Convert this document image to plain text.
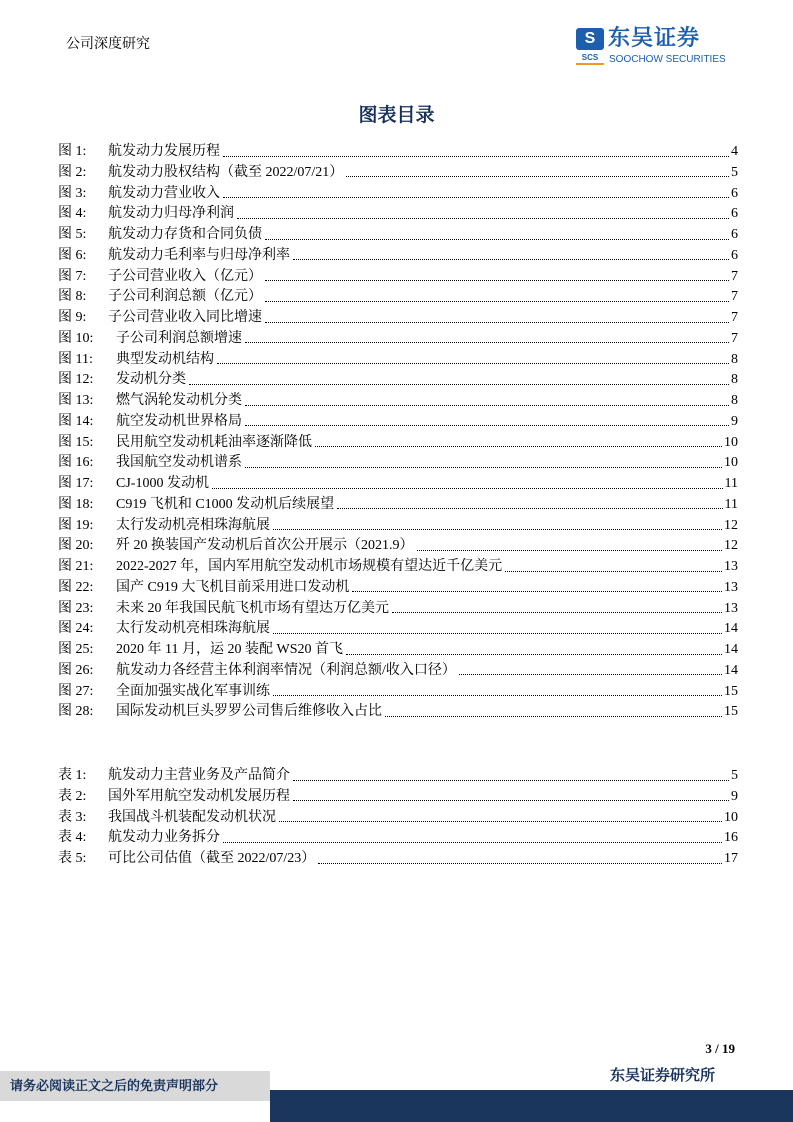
公司深度研究	S
SCS
东吴证券
SOOCHOW SECURITIES
图表目录
图 1:	航发动力发展历程	4
图 2:	航发动力股权结构（截至 2022/07/21）	5
图 3:	航发动力营业收入	6
图 4:	航发动力归母净利润	6
图 5:	航发动力存货和合同负债	6
图 6:	航发动力毛利率与归母净利率	6
图 7:	子公司营业收入（亿元）	7
图 8:	子公司利润总额（亿元）	7
图 9:	子公司营业收入同比增速	7
图 10:	子公司利润总额增速	7
图 11:	典型发动机结构	8
图 12:	发动机分类	8
图 13:	燃气涡轮发动机分类	8
图 14:	航空发动机世界格局	9
图 15:	民用航空发动机耗油率逐渐降低	10
图 16:	我国航空发动机谱系	10
图 17:	CJ-1000 发动机	11
图 18:	C919 飞机和 C1000 发动机后续展望	11
图 19:	太行发动机亮相珠海航展	12
图 20:	歼 20 换装国产发动机后首次公开展示（2021.9）	12
图 21:	2022-2027 年，国内军用航空发动机市场规模有望达近千亿美元	13
图 22:	国产 C919 大飞机目前采用进口发动机	13
图 23:	未来 20 年我国民航飞机市场有望达万亿美元	13
图 24:	太行发动机亮相珠海航展	14
图 25:	2020 年 11 月，运 20 装配 WS20 首飞	14
图 26:	航发动力各经营主体利润率情况（利润总额/收入口径）	14
图 27:	全面加强实战化军事训练	15
图 28:	国际发动机巨头罗罗公司售后维修收入占比	15
表 1:	航发动力主营业务及产品简介	5
表 2:	国外军用航空发动机发展历程	9
表 3:	我国战斗机装配发动机状况	10
表 4:	航发动力业务拆分	16
表 5:	可比公司估值（截至 2022/07/23）	17
3 / 19
东吴证券研究所
请务必阅读正文之后的免责声明部分
